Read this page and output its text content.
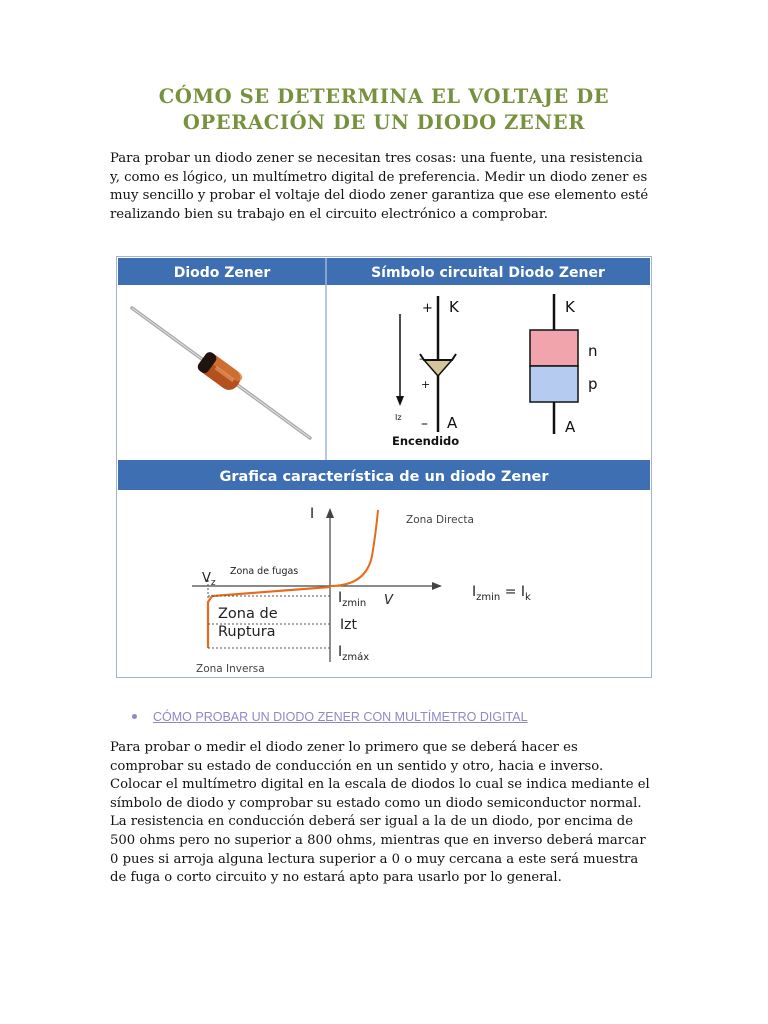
CÓMO SE DETERMINA EL VOLTAJE DE
OPERACIÓN DE UN DIODO ZENER
Para probar un diodo zener se necesitan tres cosas: una fuente, una resistencia y, como es lógico, un multímetro digital de preferencia. Medir un diodo zener es muy sencillo y probar el voltaje del diodo zener garantiza que ese elemento esté realizando bien su trabajo en el circuito electrónico a comprobar.
Diodo Zener	Símbolo circuital Diodo Zener
+ K
–
+
Iz – A
Encendido
K
n
p
A
Grafica característica de un diodo Zener
I
V
Zona Directa
$V_z$
Zona de fugas
Zona de
Ruptura
Zona Inversa
$I_{zmin}$
Izt
$I_{zmáx}$
$I_{zmin} = I_k$
CÓMO PROBAR UN DIODO ZENER CON MULTÍMETRO DIGITAL
Para probar o medir el diodo zener lo primero que se deberá hacer es comprobar su estado de conducción en un sentido y otro, hacia e inverso. Colocar el multímetro digital en la escala de diodos lo cual se indica mediante el símbolo de diodo y comprobar su estado como un diodo semiconductor normal. La resistencia en conducción deberá ser igual a la de un diodo, por encima de 500 ohms pero no superior a 800 ohms, mientras que en inverso deberá marcar 0 pues si arroja alguna lectura superior a 0 o muy cercana a este será muestra de fuga o corto circuito y no estará apto para usarlo por lo general.
